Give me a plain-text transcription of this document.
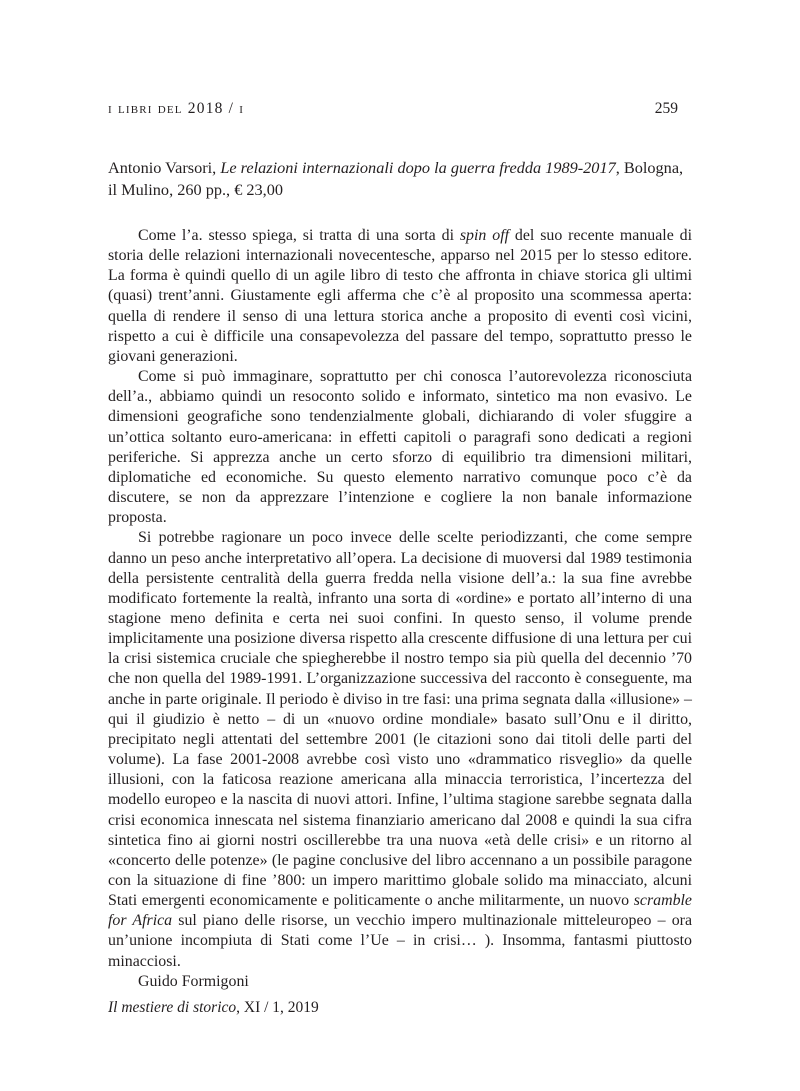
i libri del 2018 / i	259

Antonio Varsori, Le relazioni internazionali dopo la guerra fredda 1989-2017, Bologna, il Mulino, 260 pp., € 23,00

Come l’a. stesso spiega, si tratta di una sorta di spin off del suo recente manuale di storia delle relazioni internazionali novecentesche, apparso nel 2015 per lo stesso editore. La forma è quindi quello di un agile libro di testo che affronta in chiave storica gli ultimi (quasi) trent’anni. Giustamente egli afferma che c’è al proposito una scommessa aperta: quella di rendere il senso di una lettura storica anche a proposito di eventi così vicini, rispetto a cui è difficile una consapevolezza del passare del tempo, soprattutto presso le giovani generazioni.

Come si può immaginare, soprattutto per chi conosca l’autorevolezza riconosciuta dell’a., abbiamo quindi un resoconto solido e informato, sintetico ma non evasivo. Le dimensioni geografiche sono tendenzialmente globali, dichiarando di voler sfuggire a un’ottica soltanto euro-americana: in effetti capitoli o paragrafi sono dedicati a regioni periferiche. Si apprezza anche un certo sforzo di equilibrio tra dimensioni militari, diplomatiche ed economiche. Su questo elemento narrativo comunque poco c’è da discutere, se non da apprezzare l’intenzione e cogliere la non banale informazione proposta.

Si potrebbe ragionare un poco invece delle scelte periodizzanti, che come sempre danno un peso anche interpretativo all’opera. La decisione di muoversi dal 1989 testimonia della persistente centralità della guerra fredda nella visione dell’a.: la sua fine avrebbe modificato fortemente la realtà, infranto una sorta di «ordine» e portato all’interno di una stagione meno definita e certa nei suoi confini. In questo senso, il volume prende implicitamente una posizione diversa rispetto alla crescente diffusione di una lettura per cui la crisi sistemica cruciale che spiegherebbe il nostro tempo sia più quella del decennio ’70 che non quella del 1989-1991. L’organizzazione successiva del racconto è conseguente, ma anche in parte originale. Il periodo è diviso in tre fasi: una prima segnata dalla «illusione» – qui il giudizio è netto – di un «nuovo ordine mondiale» basato sull’Onu e il diritto, precipitato negli attentati del settembre 2001 (le citazioni sono dai titoli delle parti del volume). La fase 2001-2008 avrebbe così visto uno «drammatico risveglio» da quelle illusioni, con la faticosa reazione americana alla minaccia terroristica, l’incertezza del modello europeo e la nascita di nuovi attori. Infine, l’ultima stagione sarebbe segnata dalla crisi economica innescata nel sistema finanziario americano dal 2008 e quindi la sua cifra sintetica fino ai giorni nostri oscillerebbe tra una nuova «età delle crisi» e un ritorno al «concerto delle potenze» (le pagine conclusive del libro accennano a un possibile paragone con la situazione di fine ’800: un impero marittimo globale solido ma minacciato, alcuni Stati emergenti economicamente e politicamente o anche militarmente, un nuovo scramble for Africa sul piano delle risorse, un vecchio impero multinazionale mitteleuropeo – ora un’unione incompiuta di Stati come l’Ue – in crisi… ). Insomma, fantasmi piuttosto minacciosi.

Guido Formigoni

Il mestiere di storico, XI / 1, 2019
